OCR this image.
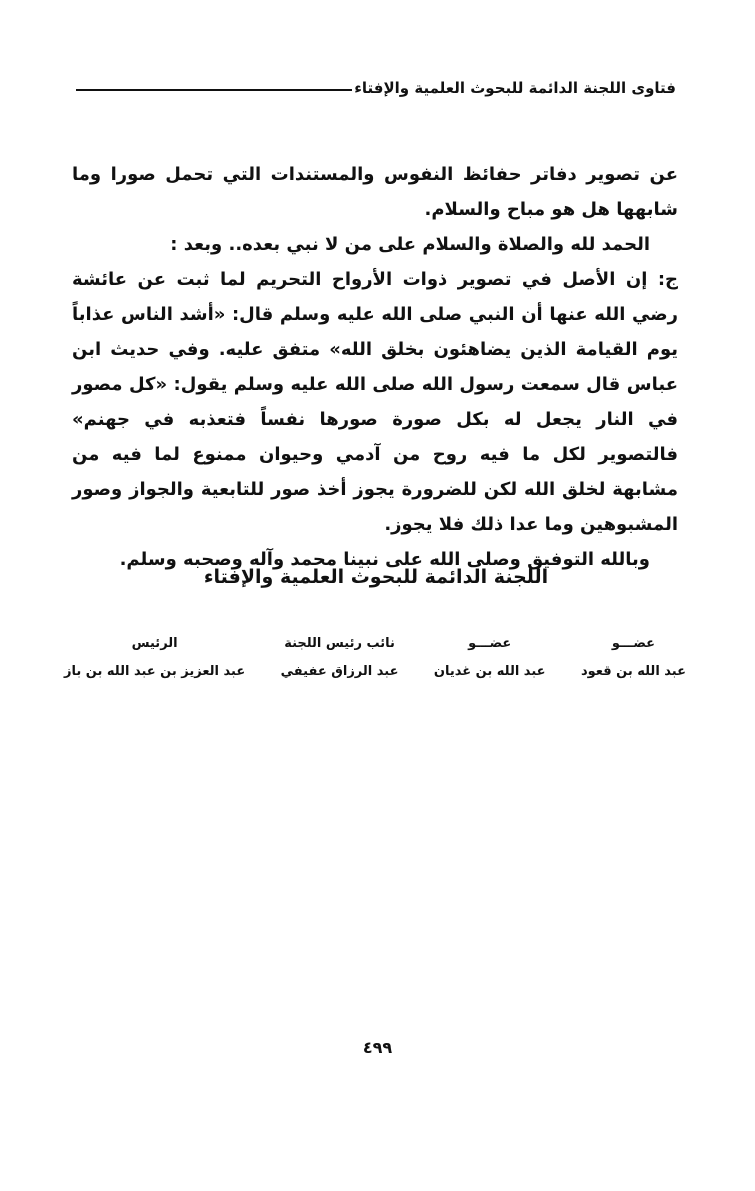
فتاوى اللجنة الدائمة للبحوث العلمية والإفتاء

عن تصوير دفاتر حفائظ النفوس والمستندات التي تحمل صورا وما شابهها هل هو مباح والسلام.

الحمد لله والصلاة والسلام على من لا نبي بعده.. وبعد :

ج: إن الأصل في تصوير ذوات الأرواح التحريم لما ثبت عن عائشة رضي الله عنها أن النبي صلى الله عليه وسلم قال: «أشد الناس عذاباً يوم القيامة الذين يضاهئون بخلق الله» متفق عليه. وفي حديث ابن عباس قال سمعت رسول الله صلى الله عليه وسلم يقول: «كل مصور في النار يجعل له بكل صورة صورها نفساً فتعذبه في جهنم» فالتصوير لكل ما فيه روح من آدمي وحيوان ممنوع لما فيه من مشابهة لخلق الله لكن للضرورة يجوز أخذ صور للتابعية والجواز وصور المشبوهين وما عدا ذلك فلا يجوز.

وبالله التوفيق وصلى الله على نبينا محمد وآله وصحبه وسلم.

اللجنة الدائمة للبحوث العلمية والإفتاء
عضـــو
عبد الله بن قعود
عضـــو
عبد الله بن غديان
نائب رئيس اللجنة
عبد الرزاق عفيفي
الرئيس
عبد العزيز بن عبد الله بن باز
٤٩٩
